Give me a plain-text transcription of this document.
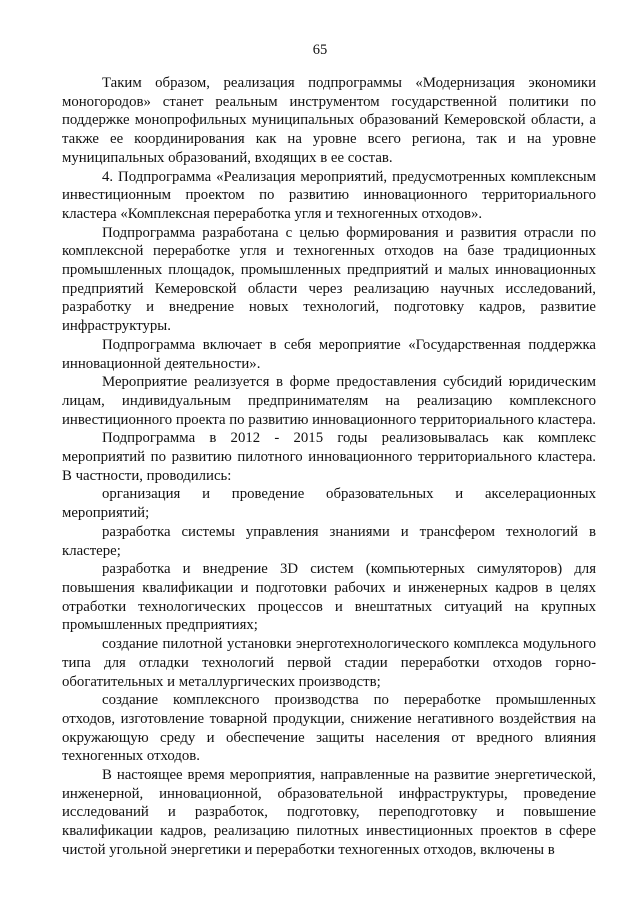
65

Таким образом, реализация подпрограммы «Модернизация экономики моногородов» станет реальным инструментом государственной политики по поддержке монопрофильных муниципальных образований Кемеровской области, а также ее координирования как на уровне всего региона, так и на уровне муниципальных образований, входящих в ее состав.

4. Подпрограмма «Реализация мероприятий, предусмотренных комплексным инвестиционным проектом по развитию инновационного территориального кластера «Комплексная переработка угля и техногенных отходов».

Подпрограмма разработана с целью формирования и развития отрасли по комплексной переработке угля и техногенных отходов на базе традиционных промышленных площадок, промышленных предприятий и малых инновационных предприятий Кемеровской области через реализацию научных исследований, разработку и внедрение новых технологий, подготовку кадров, развитие инфраструктуры.

Подпрограмма включает в себя мероприятие «Государственная поддержка инновационной деятельности».

Мероприятие реализуется в форме предоставления субсидий юридическим лицам, индивидуальным предпринимателям на реализацию комплексного инвестиционного проекта по развитию инновационного территориального кластера.

Подпрограмма в 2012 - 2015 годы реализовывалась как комплекс мероприятий по развитию пилотного инновационного территориального кластера. В частности, проводились:

организация и проведение образовательных и акселерационных мероприятий;

разработка системы управления знаниями и трансфером технологий в кластере;

разработка и внедрение 3D систем (компьютерных симуляторов) для повышения квалификации и подготовки рабочих и инженерных кадров в целях отработки технологических процессов и внештатных ситуаций на крупных промышленных предприятиях;

создание пилотной установки энерготехнологического комплекса модульного типа для отладки технологий первой стадии переработки отходов горно-обогатительных и металлургических производств;

создание комплексного производства по переработке промышленных отходов, изготовление товарной продукции, снижение негативного воздействия на окружающую среду и обеспечение защиты населения от вредного влияния техногенных отходов.

В настоящее время мероприятия, направленные на развитие энергетической, инженерной, инновационной, образовательной инфраструктуры, проведение исследований и разработок, подготовку, переподготовку и повышение квалификации кадров, реализацию пилотных инвестиционных проектов в сфере чистой угольной энергетики и переработки техногенных отходов, включены в
